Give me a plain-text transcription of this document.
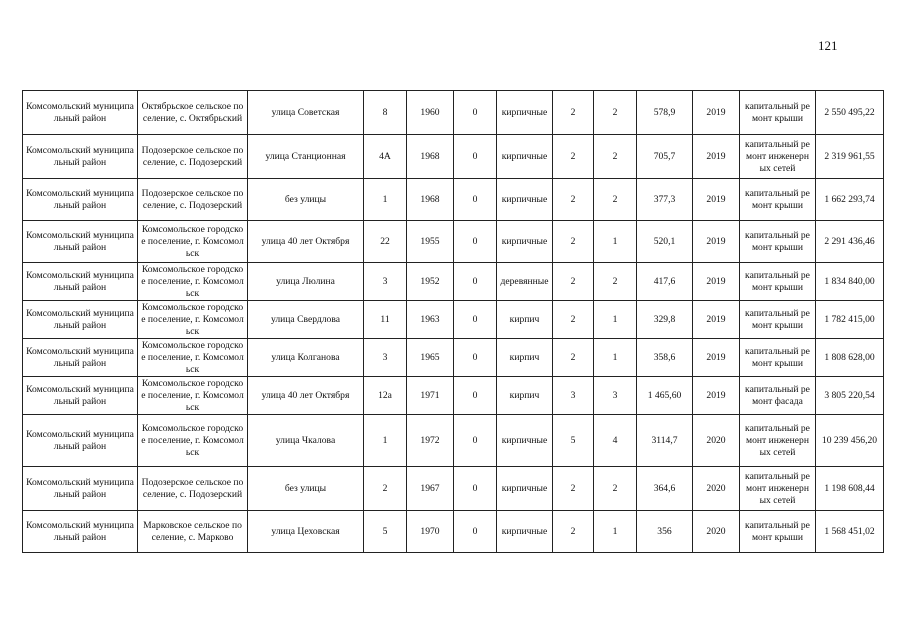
121
Комсомольский муниципальный район	Октябрьское сельское поселение, с. Октябрьский	улица Советская	8	1960	0	кирпичные	2	2	578,9	2019	капитальный ремонт крыши	2 550 495,22
Комсомольский муниципальный район	Подозерское сельское поселение, с. Подозерский	улица Станционная	4А	1968	0	кирпичные	2	2	705,7	2019	капитальный ремонт инженерных сетей	2 319 961,55
Комсомольский муниципальный район	Подозерское сельское поселение, с. Подозерский	без улицы	1	1968	0	кирпичные	2	2	377,3	2019	капитальный ремонт крыши	1 662 293,74
Комсомольский муниципальный район	Комсомольское городское поселение, г. Комсомольск	улица 40 лет Октября	22	1955	0	кирпичные	2	1	520,1	2019	капитальный ремонт крыши	2 291 436,46
Комсомольский муниципальный район	Комсомольское городское поселение, г. Комсомольск	улица Люлина	3	1952	0	деревянные	2	2	417,6	2019	капитальный ремонт крыши	1 834 840,00
Комсомольский муниципальный район	Комсомольское городское поселение, г. Комсомольск	улица Свердлова	11	1963	0	кирпич	2	1	329,8	2019	капитальный ремонт крыши	1 782 415,00
Комсомольский муниципальный район	Комсомольское городское поселение, г. Комсомольск	улица Колганова	3	1965	0	кирпич	2	1	358,6	2019	капитальный ремонт крыши	1 808 628,00
Комсомольский муниципальный район	Комсомольское городское поселение, г. Комсомольск	улица 40 лет Октября	12а	1971	0	кирпич	3	3	1 465,60	2019	капитальный ремонт фасада	3 805 220,54
Комсомольский муниципальный район	Комсомольское городское поселение, г. Комсомольск	улица Чкалова	1	1972	0	кирпичные	5	4	3114,7	2020	капитальный ремонт инженерных сетей	10 239 456,20
Комсомольский муниципальный район	Подозерское сельское поселение, с. Подозерский	без улицы	2	1967	0	кирпичные	2	2	364,6	2020	капитальный ремонт инженерных сетей	1 198 608,44
Комсомольский муниципальный район	Марковское сельское поселение, с. Марково	улица Цеховская	5	1970	0	кирпичные	2	1	356	2020	капитальный ремонт крыши	1 568 451,02
